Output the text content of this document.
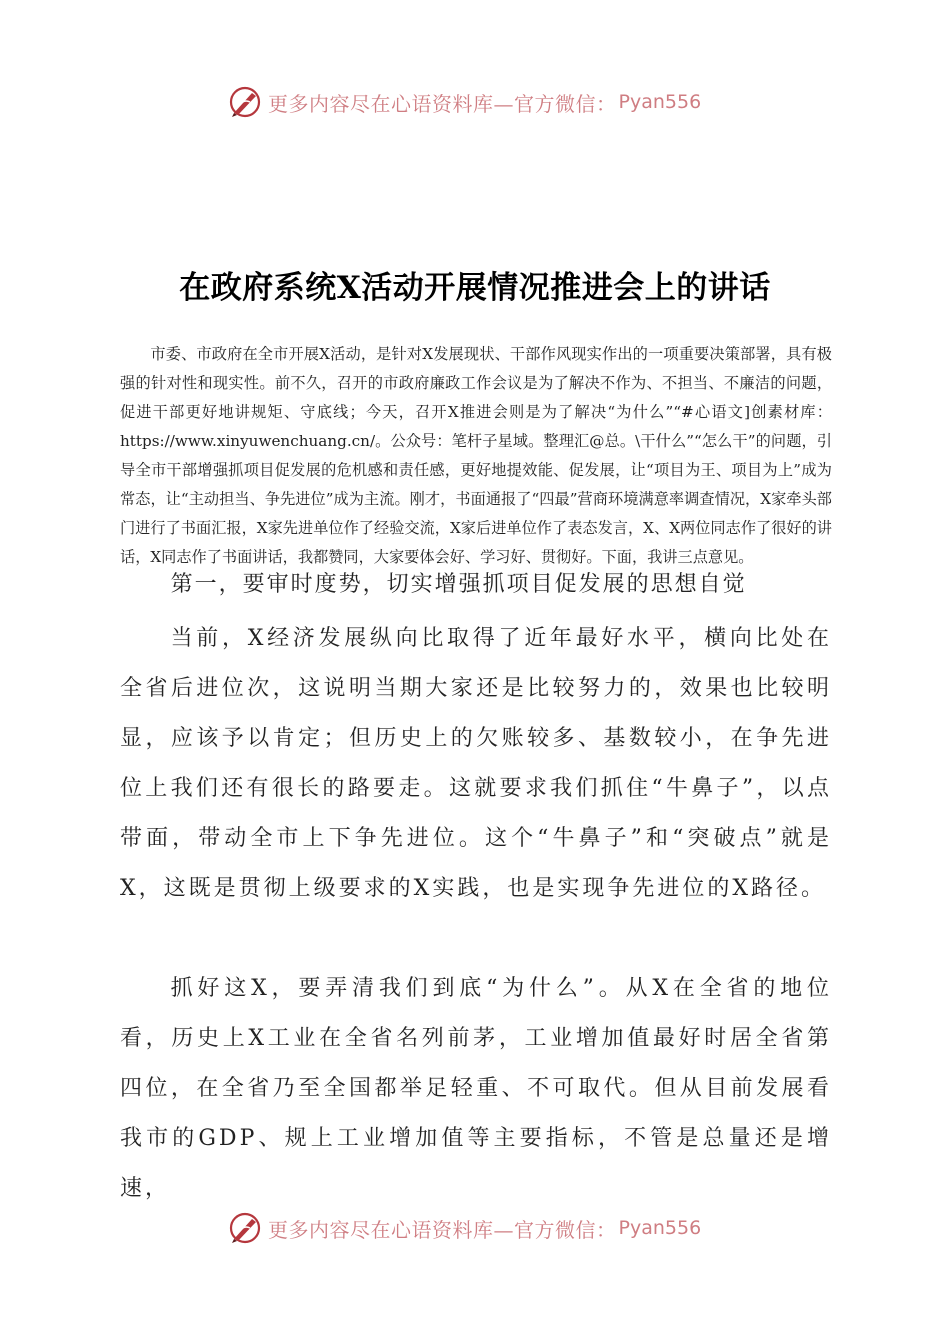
更多内容尽在心语资料库—官方微信： Pyan556
在政府系统X活动开展情况推进会上的讲话

市委、市政府在全市开展X活动，是针对X发展现状、干部作风现实作出的一项重要决策部署，具有极强的针对性和现实性。前不久，召开的市政府廉政工作会议是为了解决不作为、不担当、不廉洁的问题，促进干部更好地讲规矩、守底线；今天，召开X推进会则是为了解决“为什么”“#心语文]创素材库：https://www.xinyuwenchuang.cn/。公众号：笔杆子星域。整理汇@总。\干什么”“怎么干”的问题，引导全市干部增强抓项目促发展的危机感和责任感，更好地提效能、促发展，让“项目为王、项目为上”成为常态，让“主动担当、争先进位”成为主流。刚才，书面通报了“四最”营商环境满意率调查情况，X家牵头部门进行了书面汇报，X家先进单位作了经验交流，X家后进单位作了表态发言，X、X两位同志作了很好的讲话，X同志作了书面讲话，我都赞同，大家要体会好、学习好、贯彻好。下面，我讲三点意见。

第一，要审时度势，切实增强抓项目促发展的思想自觉

当前，X经济发展纵向比取得了近年最好水平，横向比处在全省后进位次，这说明当期大家还是比较努力的，效果也比较明显，应该予以肯定；但历史上的欠账较多、基数较小，在争先进位上我们还有很长的路要走。这就要求我们抓住“牛鼻子”，以点带面，带动全市上下争先进位。这个“牛鼻子”和“突破点”就是X，这既是贯彻上级要求的X实践，也是实现争先进位的X路径。

抓好这X，要弄清我们到底“为什么”。从X在全省的地位看，历史上X工业在全省名列前茅，工业增加值最好时居全省第四位，在全省乃至全国都举足轻重、不可取代。但从目前发展看我市的GDP、规上工业增加值等主要指标，不管是总量还是增速，

更多内容尽在心语资料库—官方微信： Pyan556
